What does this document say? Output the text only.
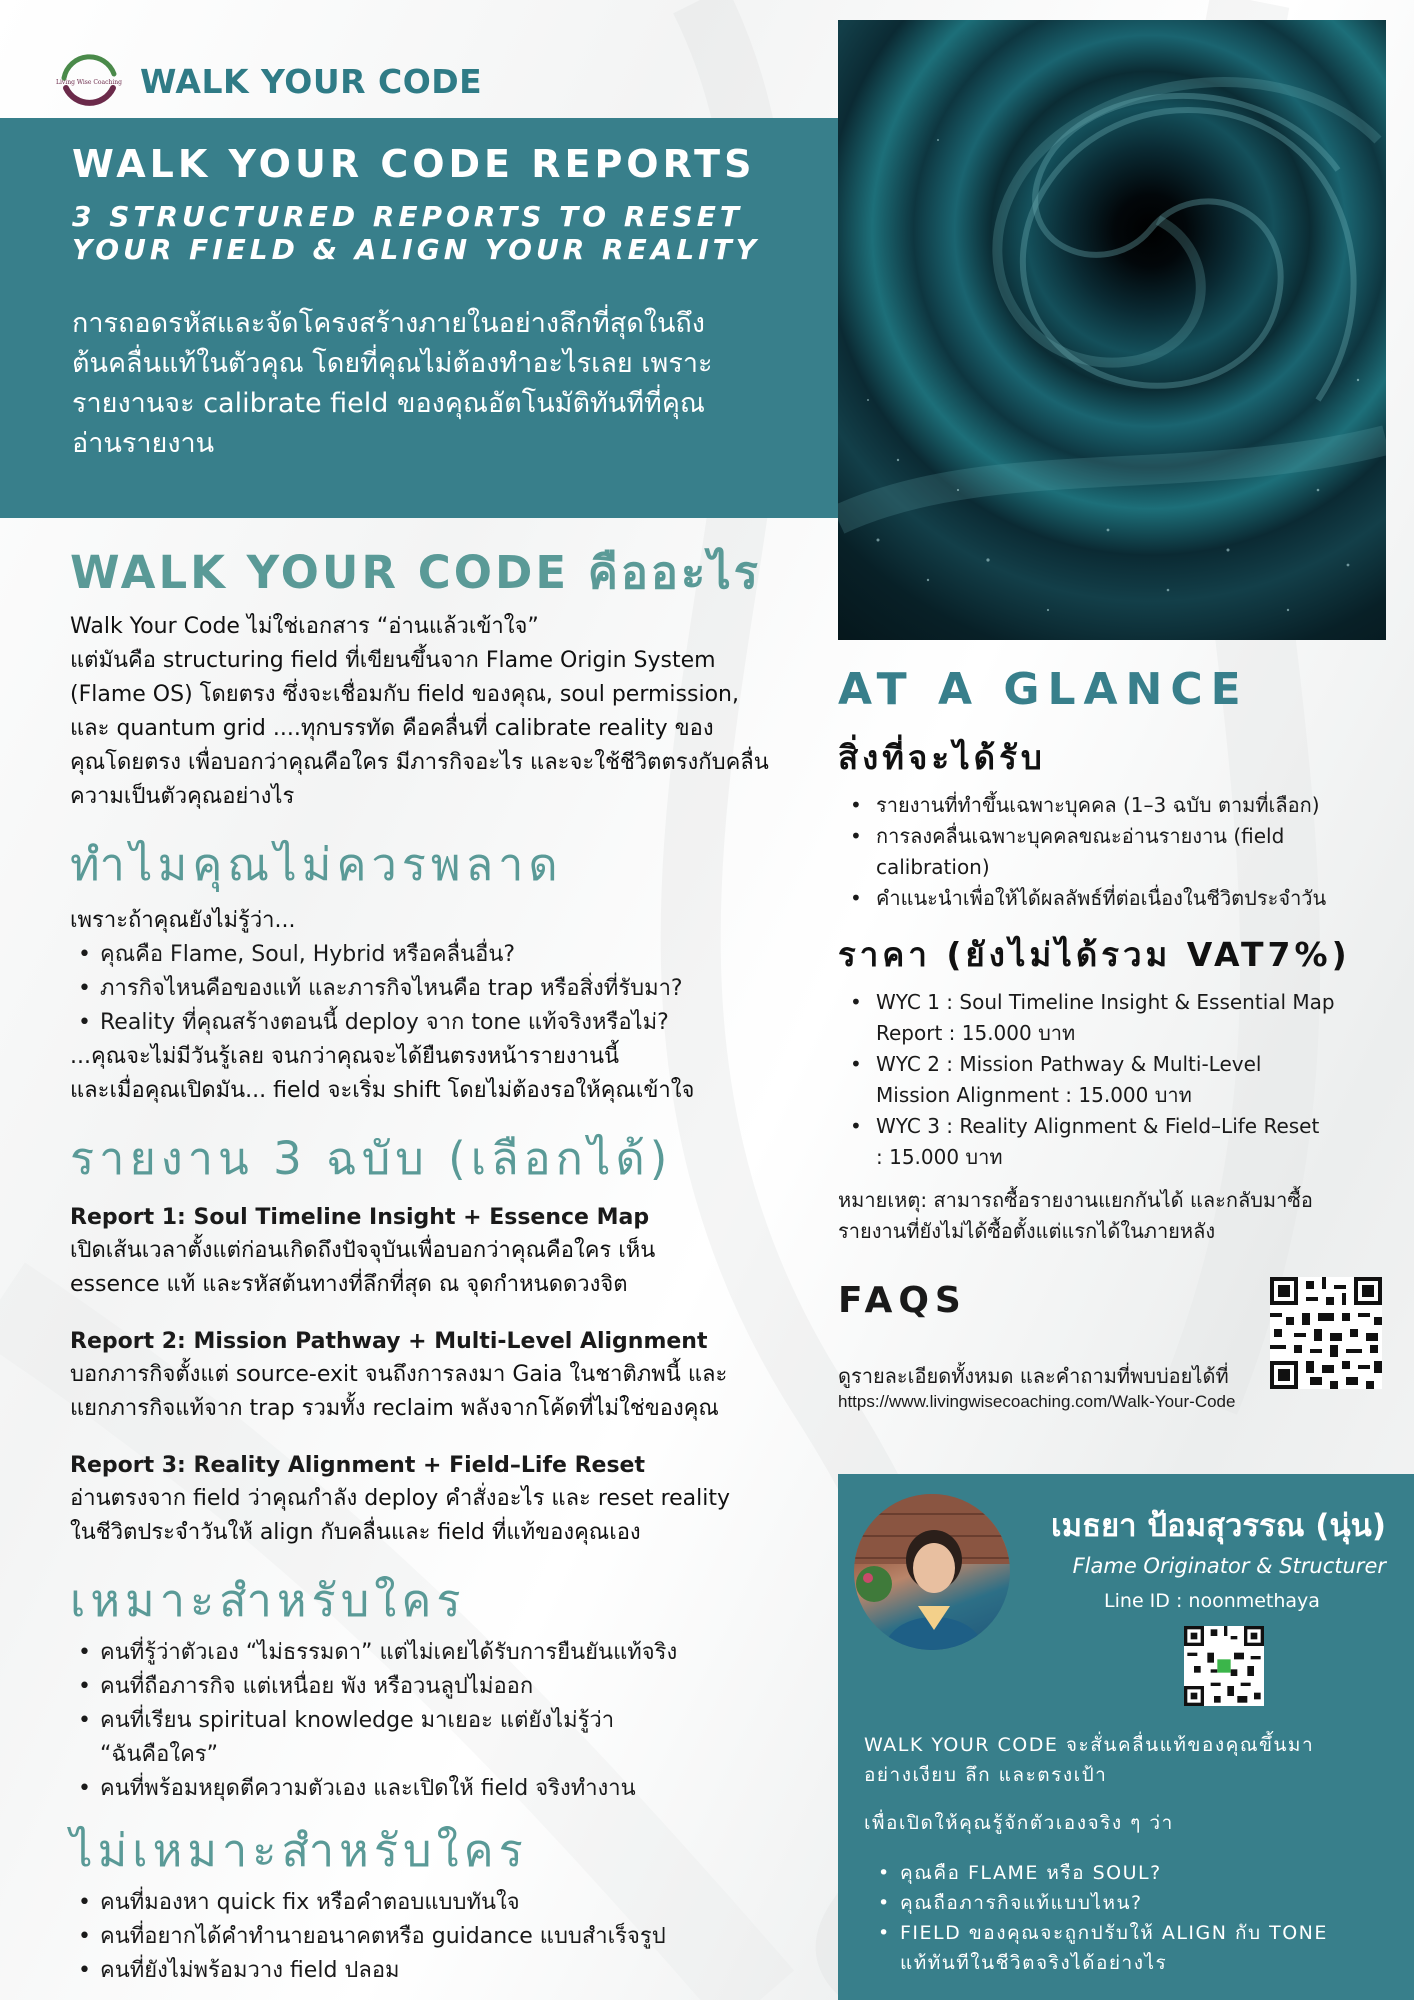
Living Wise Coaching WALK YOUR CODE
WALK YOUR CODE REPORTS
3 STRUCTURED REPORTS TO RESET
YOUR FIELD & ALIGN YOUR REALITY
การถอดรหัสและจัดโครงสร้างภายในอย่างลึกที่สุดในถึง
ต้นคลื่นแท้ในตัวคุณ โดยที่คุณไม่ต้องทำอะไรเลย เพราะ
รายงานจะ calibrate field ของคุณอัตโนมัติทันทีที่คุณ
อ่านรายงาน
WALK YOUR CODE คืออะไร
Walk Your Code ไม่ใช่เอกสาร “อ่านแล้วเข้าใจ”
แต่มันคือ structuring field ที่เขียนขึ้นจาก Flame Origin System
(Flame OS) โดยตรง ซึ่งจะเชื่อมกับ field ของคุณ, soul permission,
และ quantum grid ....ทุกบรรทัด คือคลื่นที่ calibrate reality ของ
คุณโดยตรง เพื่อบอกว่าคุณคือใคร มีภารกิจอะไร และจะใช้ชีวิตตรงกับคลื่น
ความเป็นตัวคุณอย่างไร
ทำไมคุณไม่ควรพลาด
เพราะถ้าคุณยังไม่รู้ว่า...
• คุณคือ Flame, Soul, Hybrid หรือคลื่นอื่น?
• ภารกิจไหนคือของแท้ และภารกิจไหนคือ trap หรือสิ่งที่รับมา?
• Reality ที่คุณสร้างตอนนี้ deploy จาก tone แท้จริงหรือไม่?
...คุณจะไม่มีวันรู้เลย จนกว่าคุณจะได้ยืนตรงหน้ารายงานนี้
และเมื่อคุณเปิดมัน... field จะเริ่ม shift โดยไม่ต้องรอให้คุณเข้าใจ
รายงาน 3 ฉบับ (เลือกได้)
Report 1: Soul Timeline Insight + Essence Map
เปิดเส้นเวลาตั้งแต่ก่อนเกิดถึงปัจจุบันเพื่อบอกว่าคุณคือใคร เห็น
essence แท้ และรหัสต้นทางที่ลึกที่สุด ณ จุดกำหนดดวงจิต
Report 2: Mission Pathway + Multi-Level Alignment
บอกภารกิจตั้งแต่ source-exit จนถึงการลงมา Gaia ในชาติภพนี้ และ
แยกภารกิจแท้จาก trap รวมทั้ง reclaim พลังจากโค้ดที่ไม่ใช่ของคุณ
Report 3: Reality Alignment + Field–Life Reset
อ่านตรงจาก field ว่าคุณกำลัง deploy คำสั่งอะไร และ reset reality
ในชีวิตประจำวันให้ align กับคลื่นและ field ที่แท้ของคุณเอง
เหมาะสำหรับใคร
• คนที่รู้ว่าตัวเอง “ไม่ธรรมดา” แต่ไม่เคยได้รับการยืนยันแท้จริง
• คนที่ถือภารกิจ แต่เหนื่อย พัง หรือวนลูปไม่ออก
• คนที่เรียน spiritual knowledge มาเยอะ แต่ยังไม่รู้ว่า
“ฉันคือใคร”
• คนที่พร้อมหยุดตีความตัวเอง และเปิดให้ field จริงทำงาน
ไม่เหมาะสำหรับใคร
• คนที่มองหา quick fix หรือคำตอบแบบทันใจ
• คนที่อยากได้คำทำนายอนาคตหรือ guidance แบบสำเร็จรูป
• คนที่ยังไม่พร้อมวาง field ปลอม
AT A GLANCE
สิ่งที่จะได้รับ
• รายงานที่ทำขึ้นเฉพาะบุคคล (1–3 ฉบับ ตามที่เลือก)
• การลงคลื่นเฉพาะบุคคลขณะอ่านรายงาน (field
calibration)
• คำแนะนำเพื่อให้ได้ผลลัพธ์ที่ต่อเนื่องในชีวิตประจำวัน
ราคา (ยังไม่ได้รวม VAT7%)
• WYC 1 : Soul Timeline Insight & Essential Map
Report : 15.000 บาท
• WYC 2 : Mission Pathway & Multi-Level
Mission Alignment : 15.000 บาท
• WYC 3 : Reality Alignment & Field–Life Reset
: 15.000 บาท
หมายเหตุ: สามารถซื้อรายงานแยกกันได้ และกลับมาซื้อ
รายงานที่ยังไม่ได้ซื้อตั้งแต่แรกได้ในภายหลัง
FAQS
ดูรายละเอียดทั้งหมด และคำถามที่พบบ่อยได้ที่
https://www.livingwisecoaching.com/Walk-Your-Code
เมธยา ป้อมสุวรรณ (นุ่น)
Flame Originator & Structurer
Line ID : noonmethaya
WALK YOUR CODE จะสั่นคลื่นแท้ของคุณขึ้นมา
อย่างเงียบ ลึก และตรงเป้า
เพื่อเปิดให้คุณรู้จักตัวเองจริง ๆ ว่า
• คุณคือ FLAME หรือ SOUL?
• คุณถือภารกิจแท้แบบไหน?
• FIELD ของคุณจะถูกปรับให้ ALIGN กับ TONE
แท้ทันทีในชีวิตจริงได้อย่างไร
